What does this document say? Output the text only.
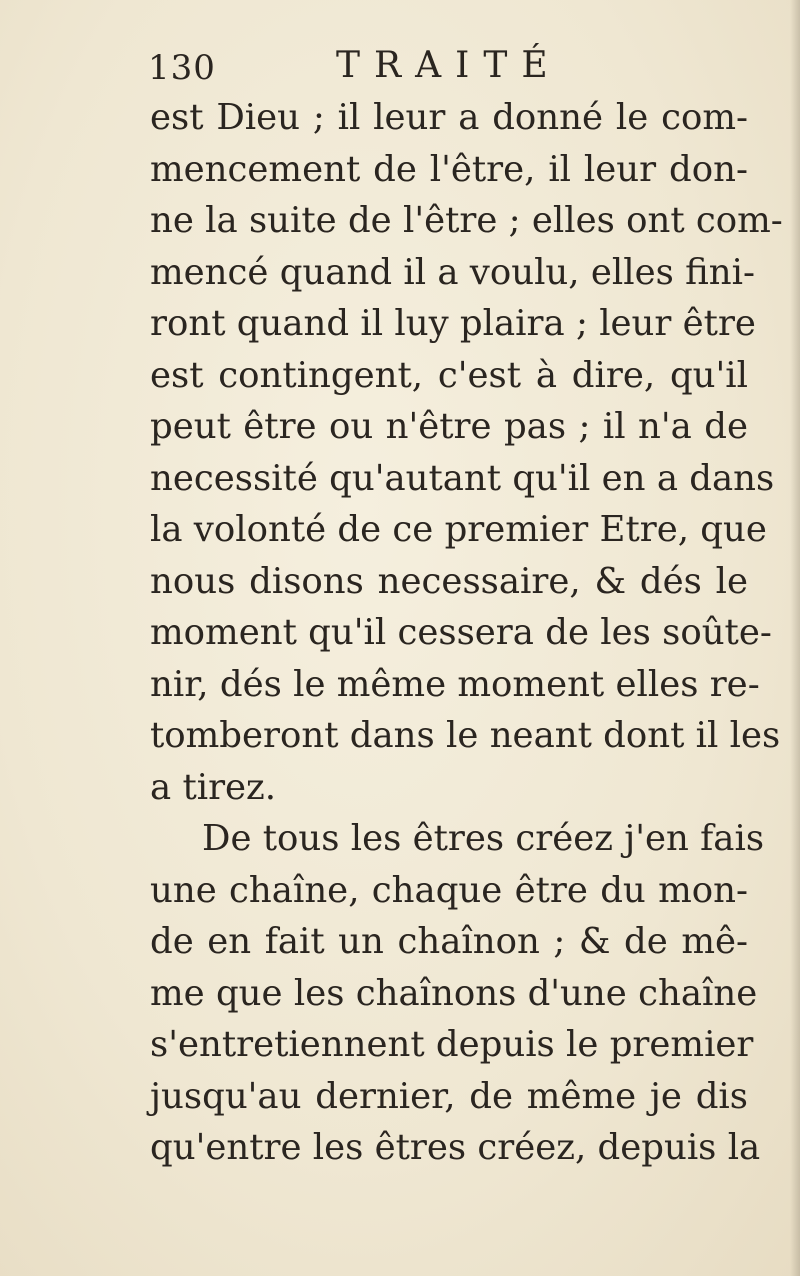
130	TRAITÉ
est Dieu ; il leur a donné le com-
mencement de l'être, il leur don-
ne la suite de l'être ; elles ont com-
mencé quand il a voulu, elles fini-
ront quand il luy plaira ; leur être
est contingent, c'est à dire, qu'il
peut être ou n'être pas ; il n'a de
necessité qu'autant qu'il en a dans
la volonté de ce premier Etre, que
nous disons necessaire, & dés le
moment qu'il cessera de les soûte-
nir, dés le même moment elles re-
tomberont dans le neant dont il les
a tirez.
De tous les êtres créez j'en fais
une chaîne, chaque être du mon-
de en fait un chaînon ; & de mê-
me que les chaînons d'une chaîne
s'entretiennent depuis le premier
jusqu'au dernier, de même je dis
qu'entre les êtres créez, depuis la
